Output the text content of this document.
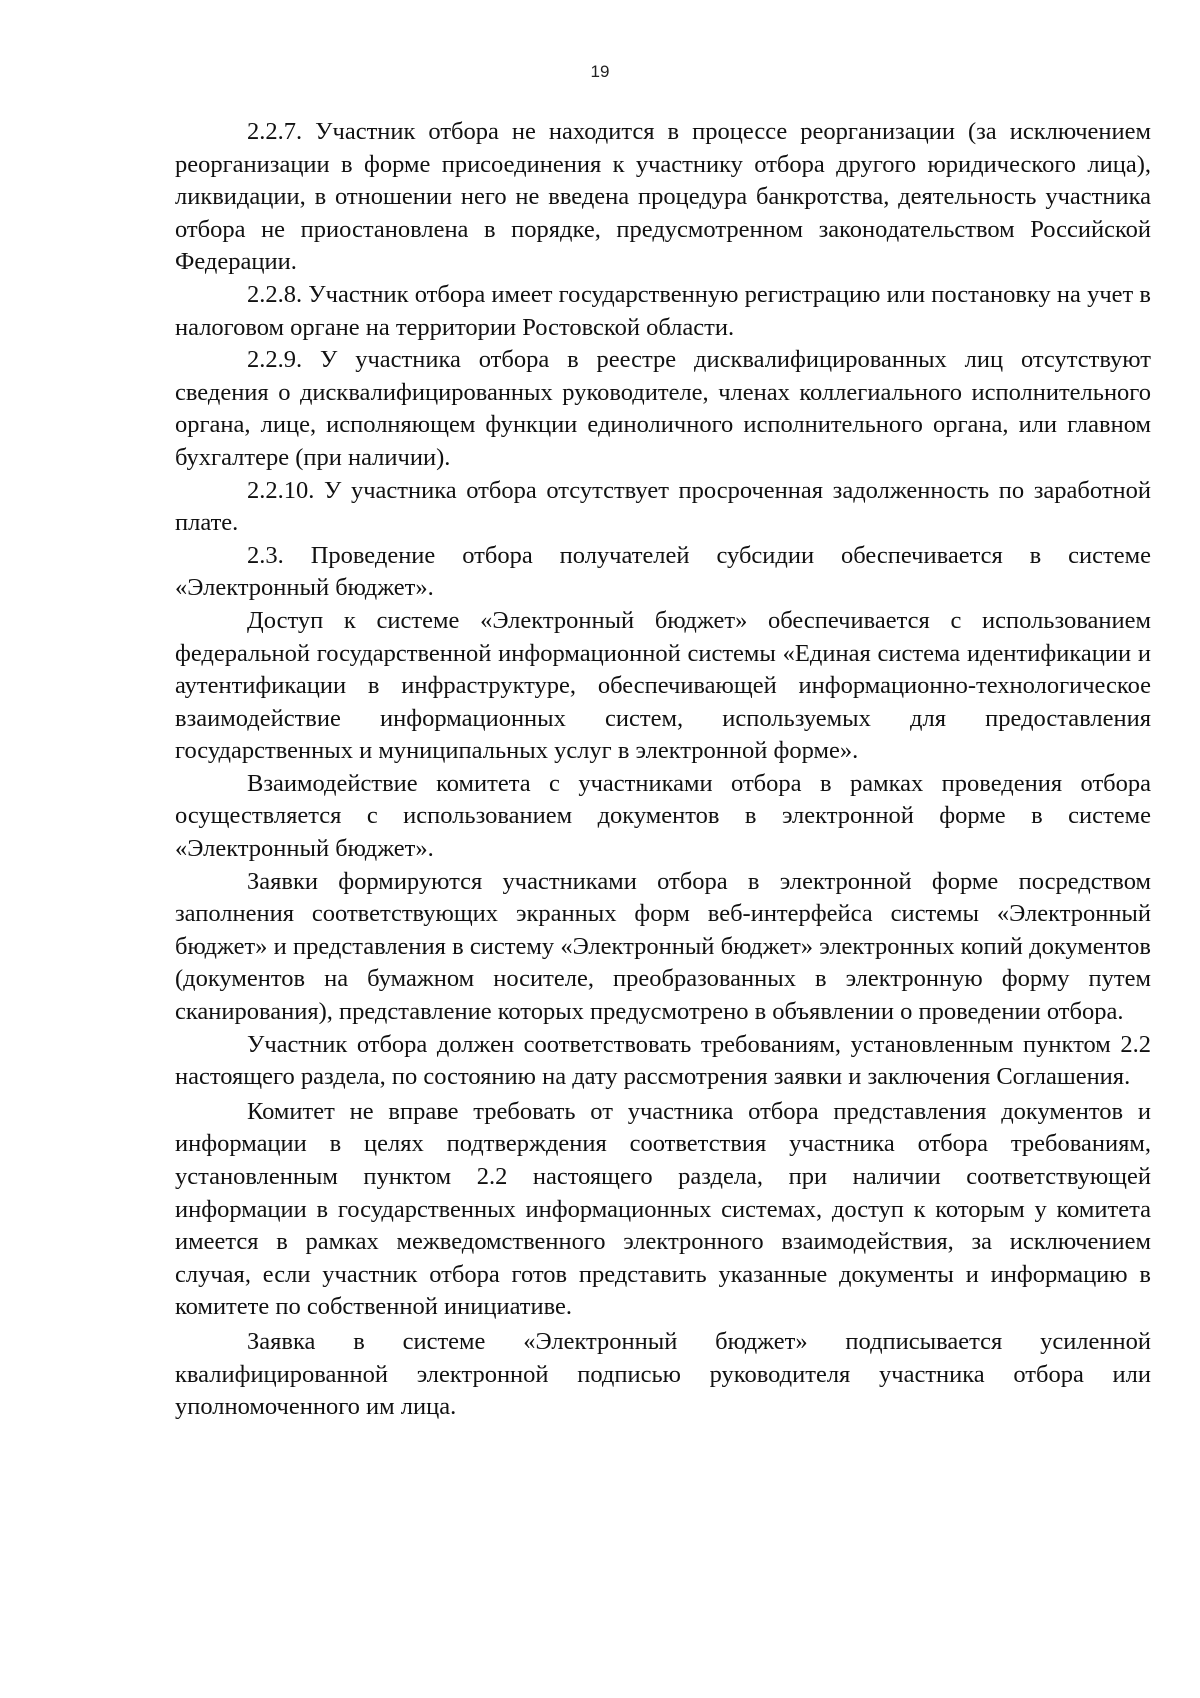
19

2.2.7. Участник отбора не находится в процессе реорганизации (за исключением реорганизации в форме присоединения к участнику отбора другого юридического лица), ликвидации, в отношении него не введена процедура банкротства, деятельность участника отбора не приостановлена в порядке, предусмотренном законодательством Российской Федерации.

2.2.8. Участник отбора имеет государственную регистрацию или постановку на учет в налоговом органе на территории Ростовской области.

2.2.9. У участника отбора в реестре дисквалифицированных лиц отсутствуют сведения о дисквалифицированных руководителе, членах коллегиального исполнительного органа, лице, исполняющем функции единоличного исполнительного органа, или главном бухгалтере (при наличии).

2.2.10. У участника отбора отсутствует просроченная задолженность по заработной плате.

2.3. Проведение отбора получателей субсидии обеспечивается в системе «Электронный бюджет».

Доступ к системе «Электронный бюджет» обеспечивается с использованием федеральной государственной информационной системы «Единая система идентификации и аутентификации в инфраструктуре, обеспечивающей информационно-технологическое взаимодействие информационных систем, используемых для предоставления государственных и муниципальных услуг в электронной форме».

Взаимодействие комитета с участниками отбора в рамках проведения отбора осуществляется с использованием документов в электронной форме в системе «Электронный бюджет».

Заявки формируются участниками отбора в электронной форме посредством заполнения соответствующих экранных форм веб-интерфейса системы «Электронный бюджет» и представления в систему «Электронный бюджет» электронных копий документов (документов на бумажном носителе, преобразованных в электронную форму путем сканирования), представление которых предусмотрено в объявлении о проведении отбора.

Участник отбора должен соответствовать требованиям, установленным пунктом 2.2 настоящего раздела, по состоянию на дату рассмотрения заявки и заключения Соглашения.

Комитет не вправе требовать от участника отбора представления документов и информации в целях подтверждения соответствия участника отбора требованиям, установленным пунктом 2.2 настоящего раздела, при наличии соответствующей информации в государственных информационных системах, доступ к которым у комитета имеется в рамках межведомственного электронного взаимодействия, за исключением случая, если участник отбора готов представить указанные документы и информацию в комитете по собственной инициативе.

Заявка в системе «Электронный бюджет» подписывается усиленной квалифицированной электронной подписью руководителя участника отбора или уполномоченного им лица.
